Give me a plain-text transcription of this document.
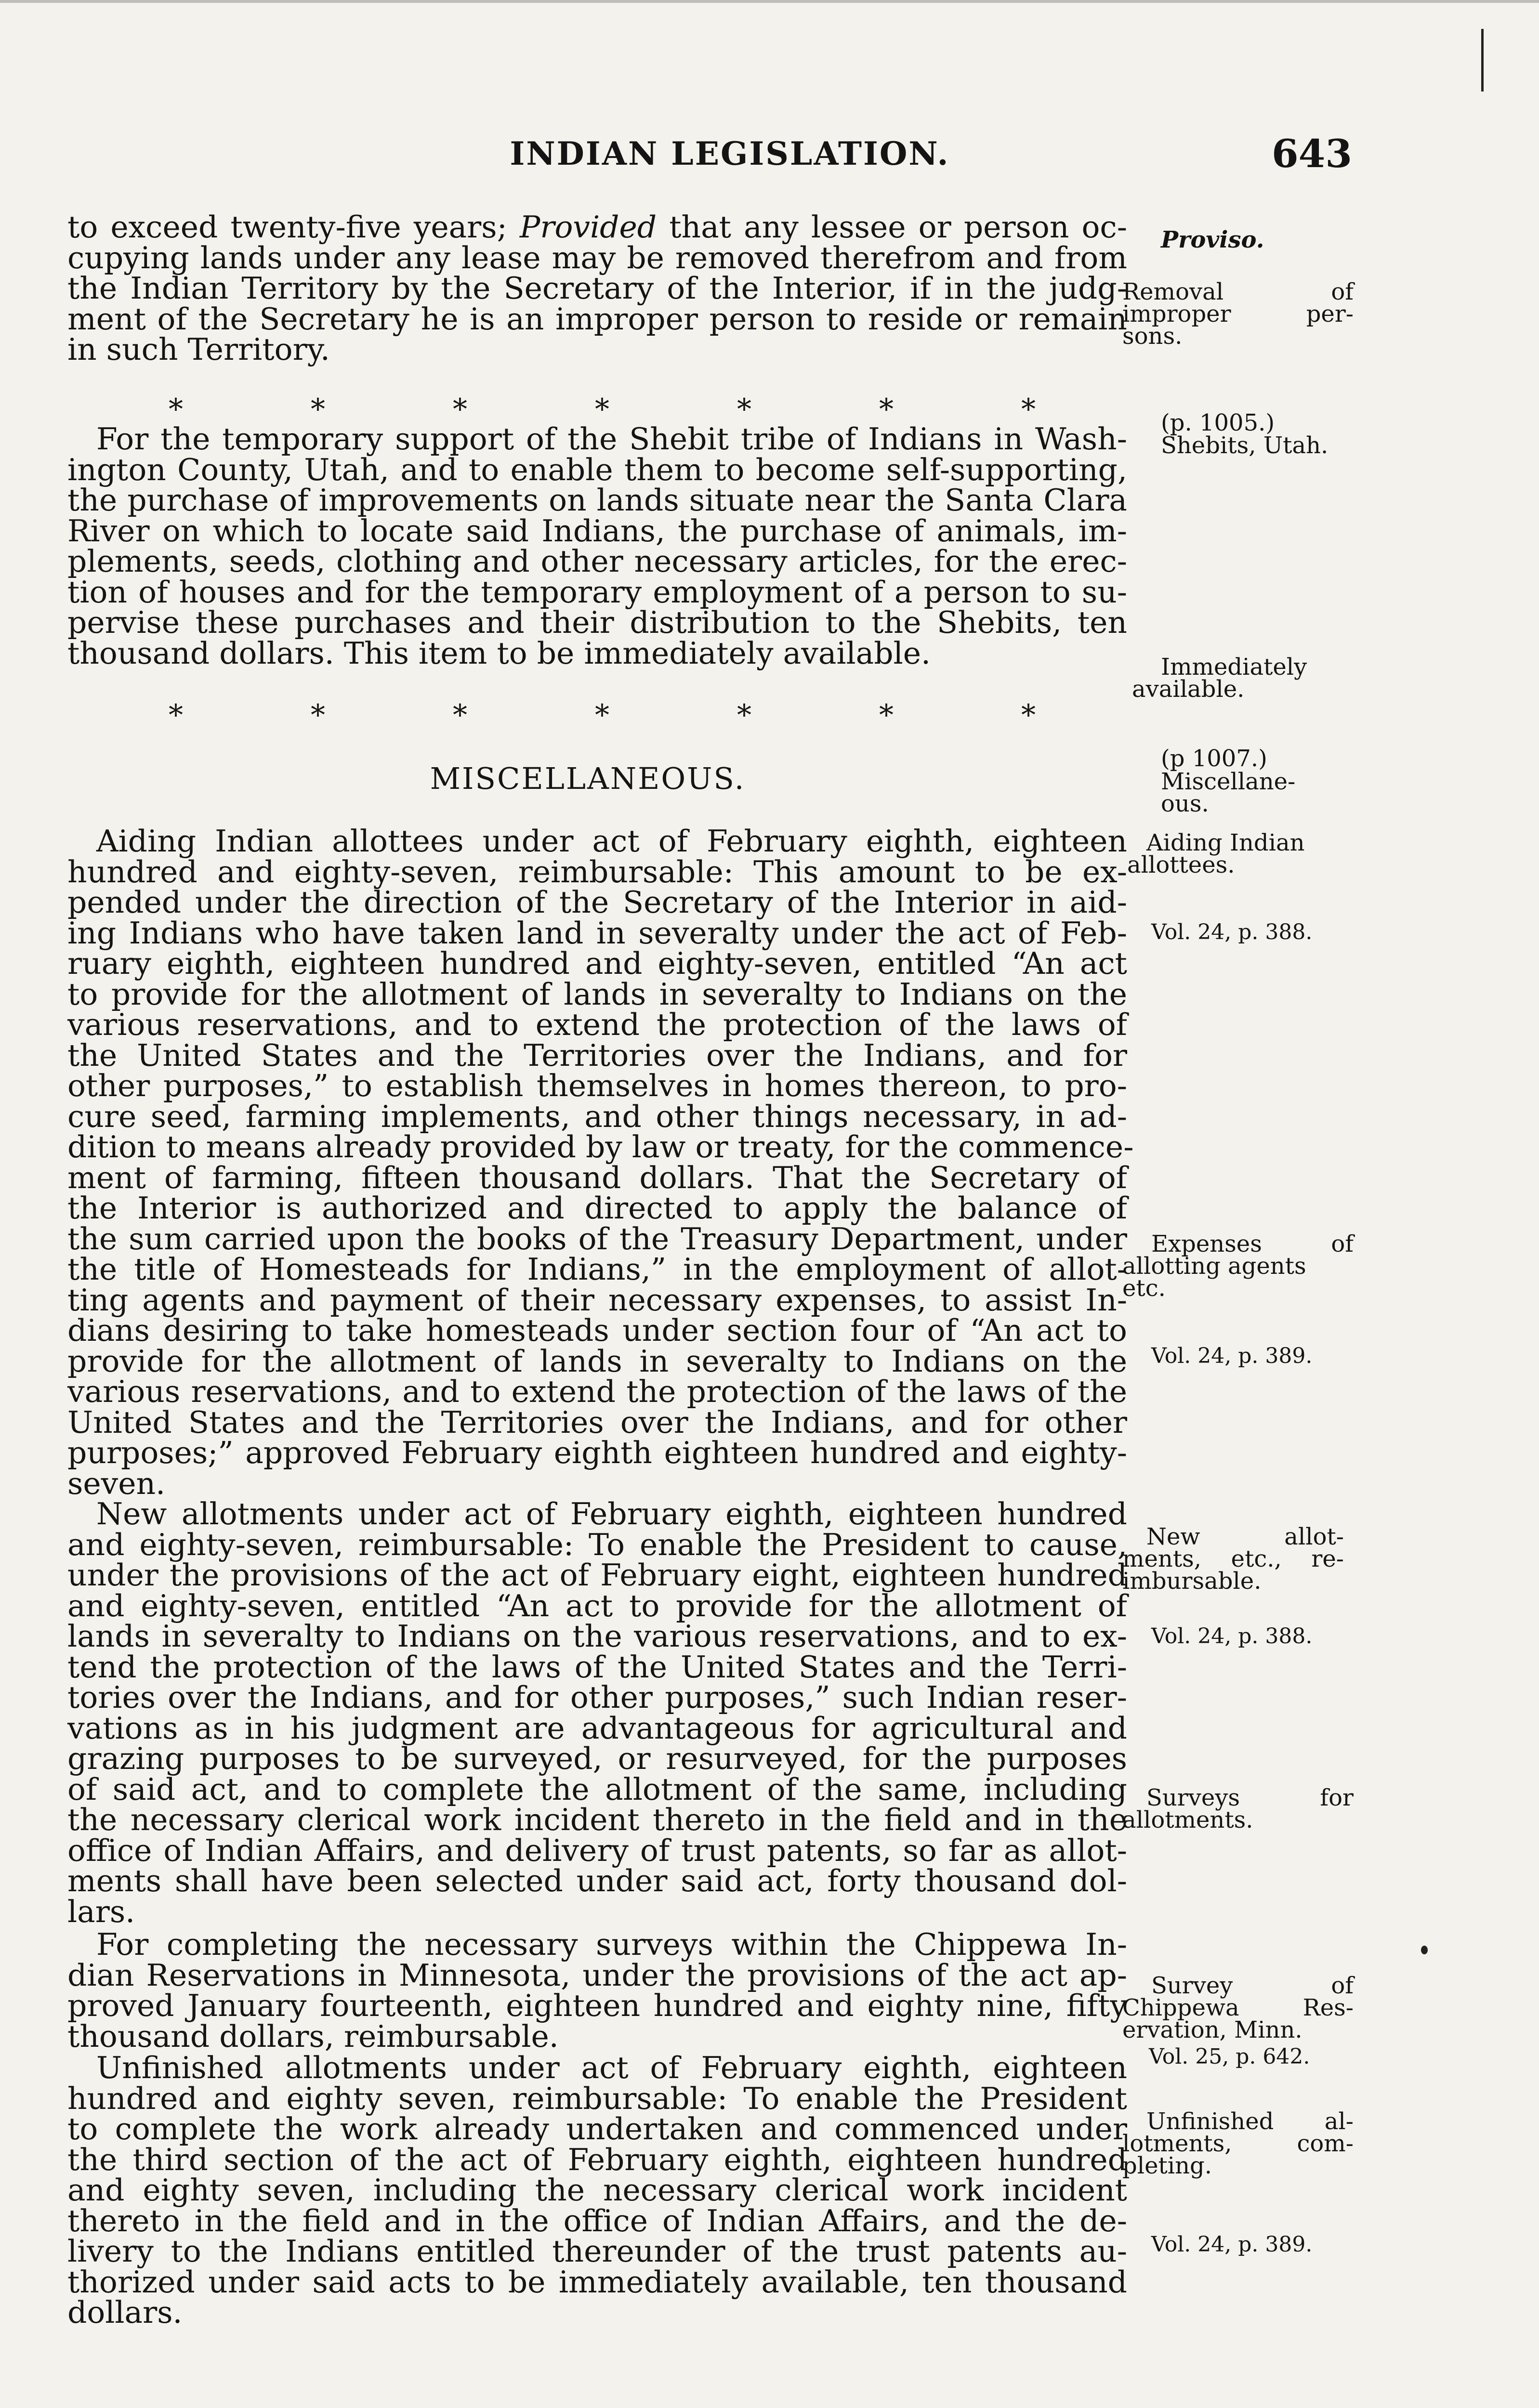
INDIAN LEGISLATION.	643
to exceed twenty-five years; Provided that any lessee or person oc-
cupying lands under any lease may be removed therefrom and from
the Indian Territory by the Secretary of the Interior, if in the judg-
ment of the Secretary he is an improper person to reside or remain
in such Territory.
*	*	*	*	*	*	*
For the temporary support of the Shebit tribe of Indians in Wash-
ington County, Utah, and to enable them to become self-supporting,
the purchase of improvements on lands situate near the Santa Clara
River on which to locate said Indians, the purchase of animals, im-
plements, seeds, clothing and other necessary articles, for the erec-
tion of houses and for the temporary employment of a person to su-
pervise these purchases and their distribution to the Shebits, ten
thousand dollars. This item to be immediately available.
*	*	*	*	*	*	*
MISCELLANEOUS.
Aiding Indian allottees under act of February eighth, eighteen
hundred and eighty-seven, reimbursable: This amount to be ex-
pended under the direction of the Secretary of the Interior in aid-
ing Indians who have taken land in severalty under the act of Feb-
ruary eighth, eighteen hundred and eighty-seven, entitled “An act
to provide for the allotment of lands in severalty to Indians on the
various reservations, and to extend the protection of the laws of
the United States and the Territories over the Indians, and for
other purposes,” to establish themselves in homes thereon, to pro-
cure seed, farming implements, and other things necessary, in ad-
dition to means already provided by law or treaty, for the commence-
ment of farming, fifteen thousand dollars. That the Secretary of
the Interior is authorized and directed to apply the balance of
the sum carried upon the books of the Treasury Department, under
the title of Homesteads for Indians,” in the employment of allot-
ting agents and payment of their necessary expenses, to assist In-
dians desiring to take homesteads under section four of “An act to
provide for the allotment of lands in severalty to Indians on the
various reservations, and to extend the protection of the laws of the
United States and the Territories over the Indians, and for other
purposes;” approved February eighth eighteen hundred and eighty-
seven.
New allotments under act of February eighth, eighteen hundred
and eighty-seven, reimbursable: To enable the President to cause,
under the provisions of the act of February eight, eighteen hundred
and eighty-seven, entitled “An act to provide for the allotment of
lands in severalty to Indians on the various reservations, and to ex-
tend the protection of the laws of the United States and the Terri-
tories over the Indians, and for other purposes,” such Indian reser-
vations as in his judgment are advantageous for agricultural and
grazing purposes to be surveyed, or resurveyed, for the purposes
of said act, and to complete the allotment of the same, including
the necessary clerical work incident thereto in the field and in the
office of Indian Affairs, and delivery of trust patents, so far as allot-
ments shall have been selected under said act, forty thousand dol-
lars.
For completing the necessary surveys within the Chippewa In-
dian Reservations in Minnesota, under the provisions of the act ap-
proved January fourteenth, eighteen hundred and eighty nine, fifty
thousand dollars, reimbursable.
Unfinished allotments under act of February eighth, eighteen
hundred and eighty seven, reimbursable: To enable the President
to complete the work already undertaken and commenced under
the third section of the act of February eighth, eighteen hundred
and eighty seven, including the necessary clerical work incident
thereto in the field and in the office of Indian Affairs, and the de-
livery to the Indians entitled thereunder of the trust patents au-
thorized under said acts to be immediately available, ten thousand
dollars.
Proviso.
Removal of
improper per-
sons.
(p. 1005.)
Shebits, Utah.
Immediately
available.
(p 1007.)
Miscellane-
ous.
Aiding Indian
allottees.
Vol. 24, p. 388.
Expenses of
allotting agents
etc.
Vol. 24, p. 389.
New allot-
ments, etc., re-
imbursable.
Vol. 24, p. 388.
Surveys for
allotments.
Survey of
Chippewa Res-
ervation, Minn.
Vol. 25, p. 642.
Unfinished al-
lotments, com-
pleting.
Vol. 24, p. 389.
